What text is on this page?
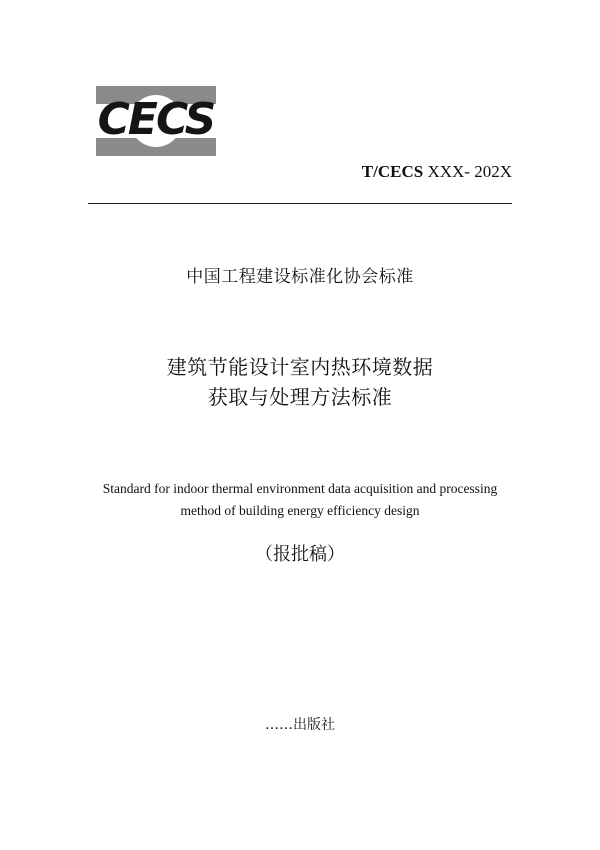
CECS
T/CECS XXX- 202X
中国工程建设标准化协会标准
建筑节能设计室内热环境数据
获取与处理方法标准
Standard for indoor thermal environment data acquisition and processing
method of building energy efficiency design
（报批稿）
……出版社
